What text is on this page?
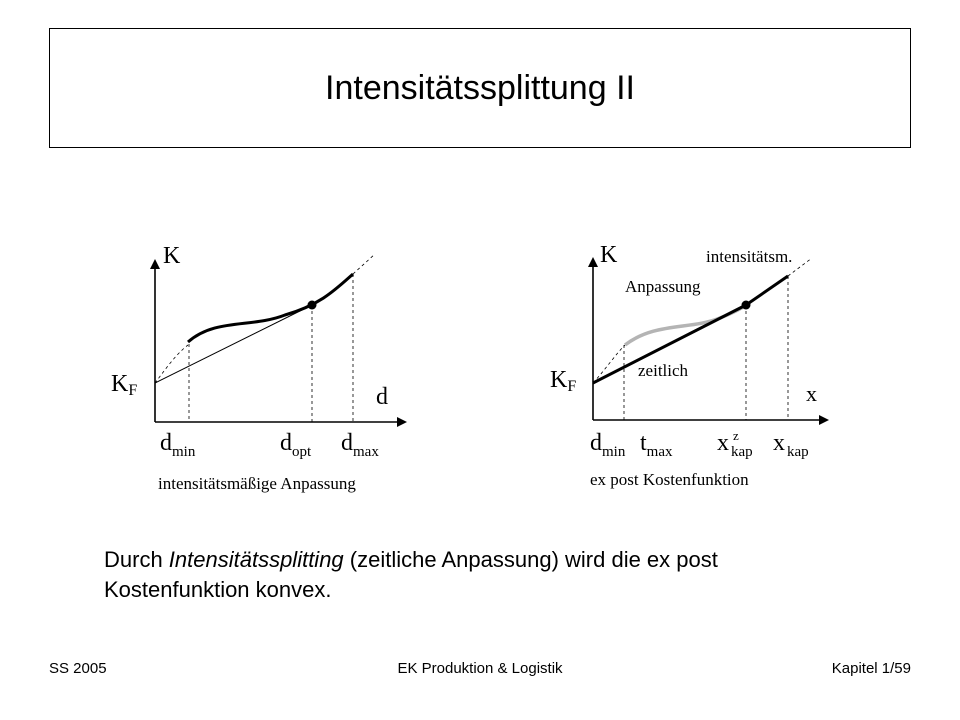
Intensitätssplittung II
K
d
KF
$d_{min}$	$d_{opt}$ $d_{max}$
intensitätsmäßige Anpassung
K
x
KF
intensitätsm.
Anpassung
zeitlich
$d_{min}$ $t_{max}$ x z
kap x $_{kap}$
ex post Kostenfunktion
Durch Intensitätssplitting (zeitliche Anpassung) wird die ex post Kostenfunktion konvex.
SS 2005	EK Produktion & Logistik	Kapitel 1/59
